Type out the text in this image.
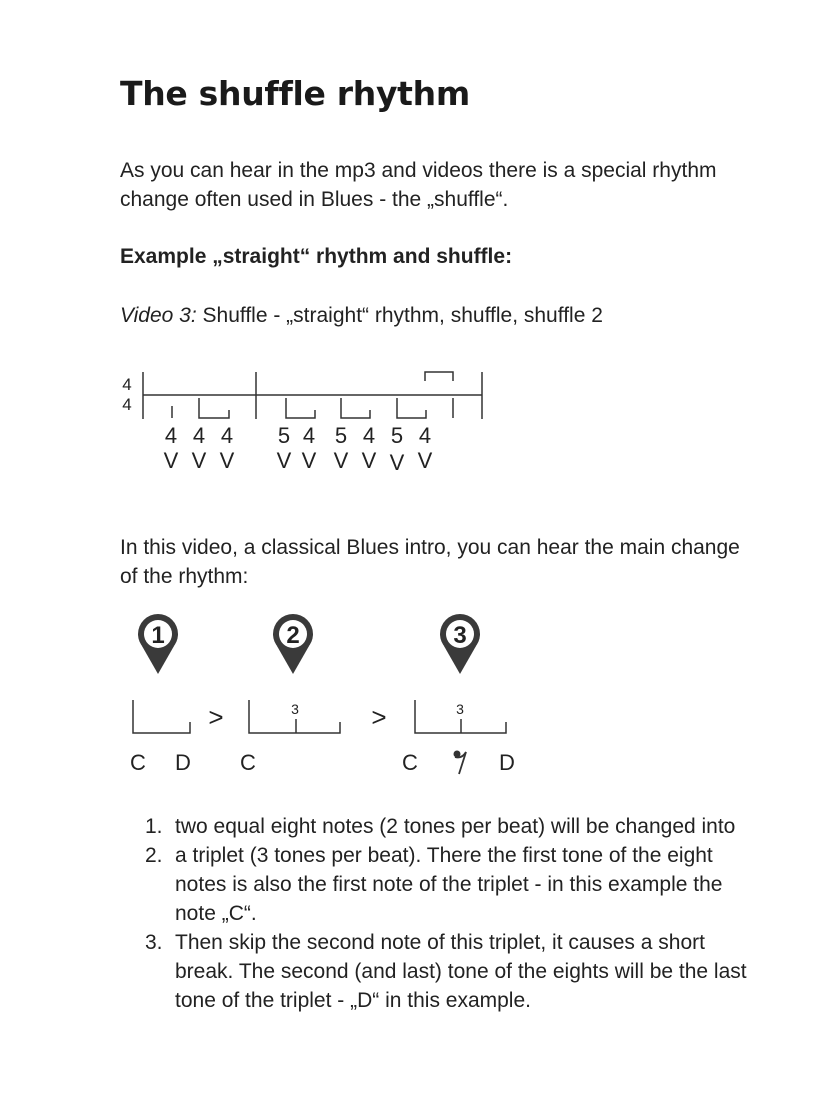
The shuffle rhythm

As you can hear in the mp3 and videos there is a special rhythm change often used in Blues - the „shuffle“.

Example „straight“ rhythm and shuffle:

Video 3: Shuffle - „straight“ rhythm, shuffle, shuffle 2

4
4
4 4 4
V V V
5 4 5 4 5 4
V V V V V V

In this video, a classical Blues intro, you can hear the main change of the rhythm:

1	2	3
>	>
3	3
C D C	C	D
1. two equal eight notes (2 tones per beat) will be changed into
2. a triplet (3 tones per beat). There the first tone of the eight notes is also the first note of the triplet - in this example the note „C“.
3. Then skip the second note of this triplet, it causes a short break. The second (and last) tone of the eights will be the last tone of the triplet - „D“ in this example.
